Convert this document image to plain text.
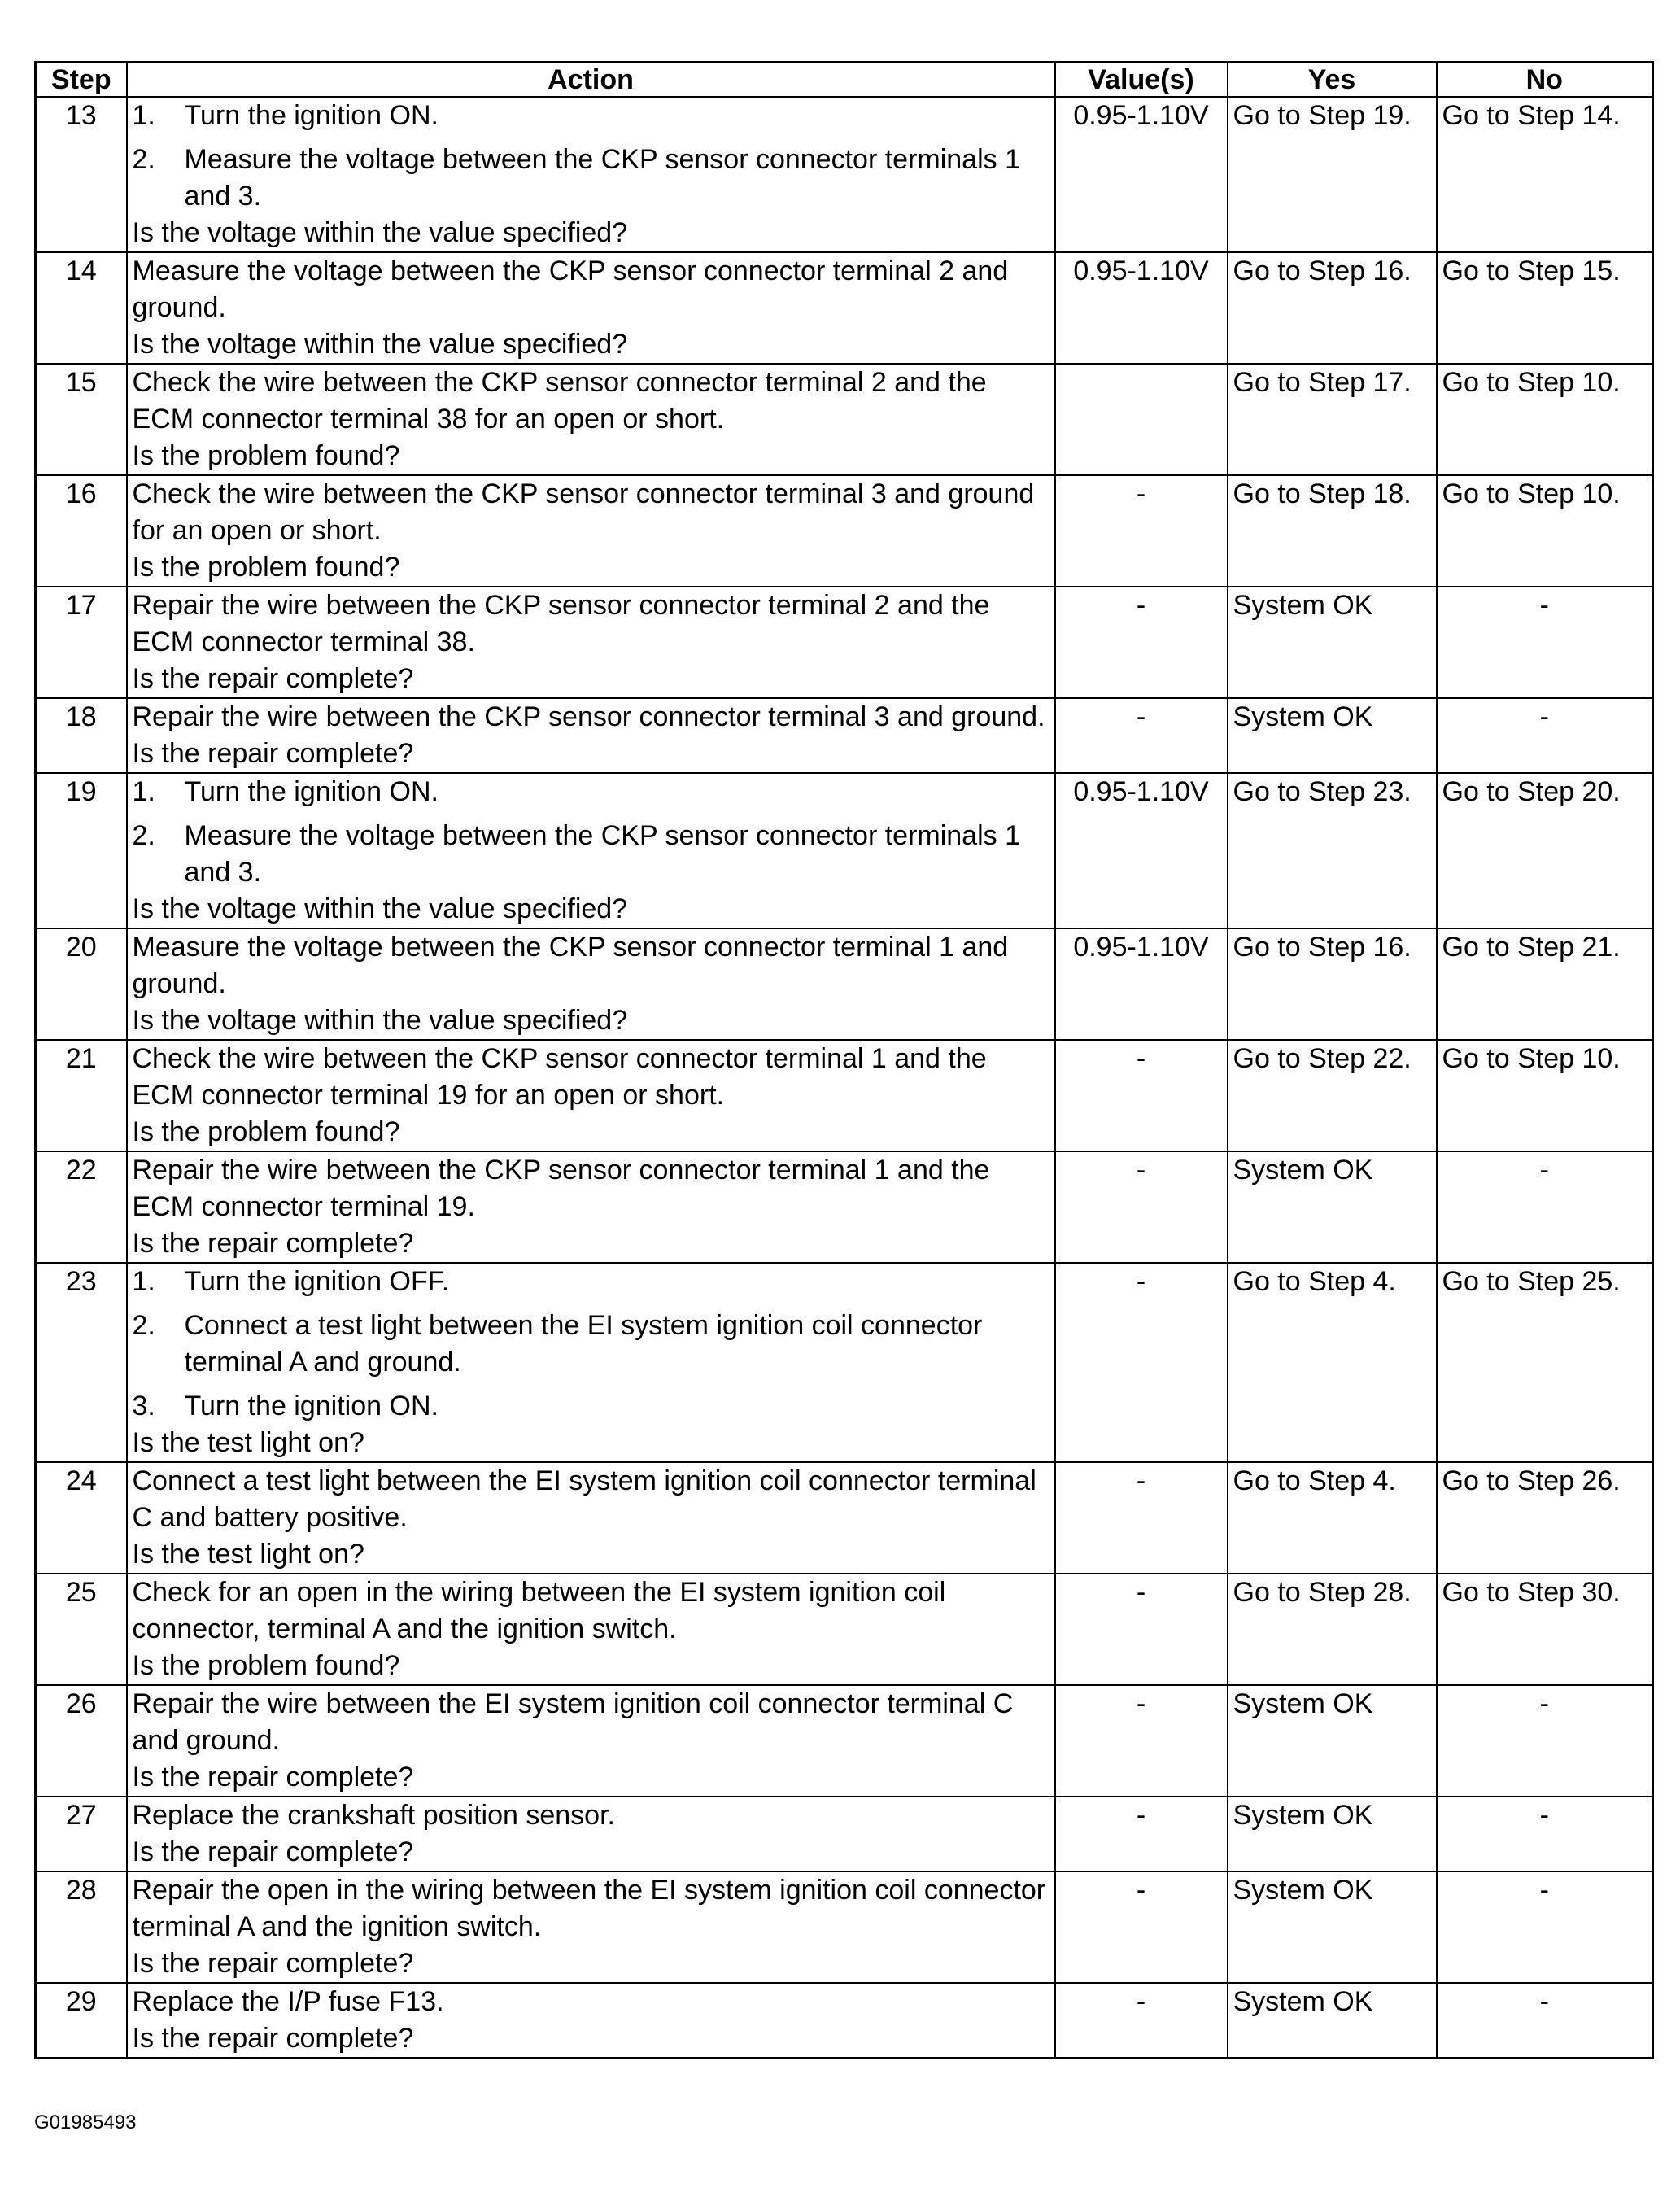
Step	Action	Value(s)	Yes	No
13	1. Turn the ignition ON.
2. Measure the voltage between the CKP sensor connector terminals 1 and 3.
Is the voltage within the value specified?	0.95-1.10V	Go to Step 19.	Go to Step 14.
14	Measure the voltage between the CKP sensor connector terminal 2 and ground.
Is the voltage within the value specified?	0.95-1.10V	Go to Step 16.	Go to Step 15.
15	Check the wire between the CKP sensor connector terminal 2 and the ECM connector terminal 38 for an open or short.
Is the problem found?		Go to Step 17.	Go to Step 10.
16	Check the wire between the CKP sensor connector terminal 3 and ground for an open or short.
Is the problem found?	-	Go to Step 18.	Go to Step 10.
17	Repair the wire between the CKP sensor connector terminal 2 and the ECM connector terminal 38.
Is the repair complete?	-	System OK	-
18	Repair the wire between the CKP sensor connector terminal 3 and ground.
Is the repair complete?	-	System OK	-
19	1. Turn the ignition ON.
2. Measure the voltage between the CKP sensor connector terminals 1 and 3.
Is the voltage within the value specified?	0.95-1.10V	Go to Step 23.	Go to Step 20.
20	Measure the voltage between the CKP sensor connector terminal 1 and ground.
Is the voltage within the value specified?	0.95-1.10V	Go to Step 16.	Go to Step 21.
21	Check the wire between the CKP sensor connector terminal 1 and the ECM connector terminal 19 for an open or short.
Is the problem found?	-	Go to Step 22.	Go to Step 10.
22	Repair the wire between the CKP sensor connector terminal 1 and the ECM connector terminal 19.
Is the repair complete?	-	System OK	-
23	1. Turn the ignition OFF.
2. Connect a test light between the EI system ignition coil connector terminal A and ground.
3. Turn the ignition ON.
Is the test light on?	-	Go to Step 4.	Go to Step 25.
24	Connect a test light between the EI system ignition coil connector terminal C and battery positive.
Is the test light on?	-	Go to Step 4.	Go to Step 26.
25	Check for an open in the wiring between the EI system ignition coil connector, terminal A and the ignition switch.
Is the problem found?	-	Go to Step 28.	Go to Step 30.
26	Repair the wire between the EI system ignition coil connector terminal C and ground.
Is the repair complete?	-	System OK	-
27	Replace the crankshaft position sensor.
Is the repair complete?	-	System OK	-
28	Repair the open in the wiring between the EI system ignition coil connector terminal A and the ignition switch.
Is the repair complete?	-	System OK	-
29	Replace the I/P fuse F13.
Is the repair complete?	-	System OK	-
G01985493
